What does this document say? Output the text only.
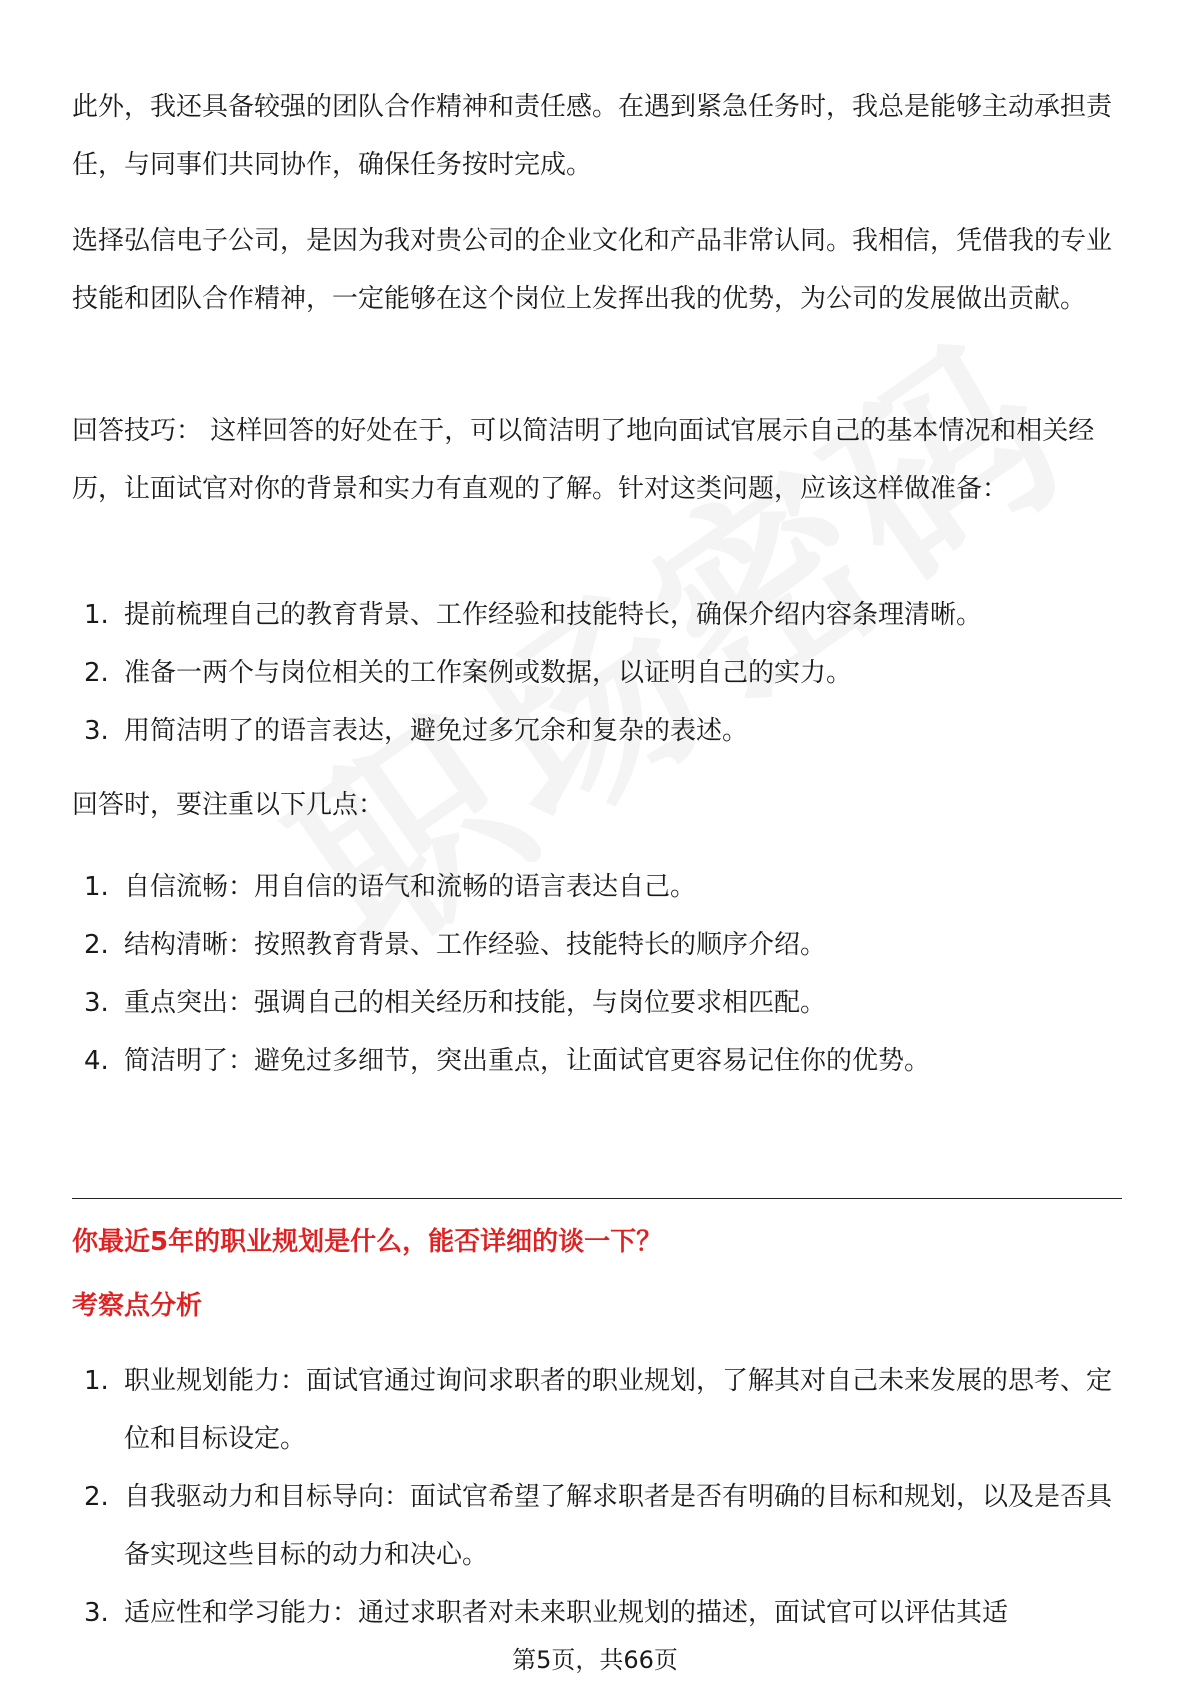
此外，我还具备较强的团队合作精神和责任感。在遇到紧急任务时，我总是能够主动承担责任，与同事们共同协作，确保任务按时完成。

选择弘信电子公司，是因为我对贵公司的企业文化和产品非常认同。我相信，凭借我的专业技能和团队合作精神，一定能够在这个岗位上发挥出我的优势，为公司的发展做出贡献。

回答技巧： 这样回答的好处在于，可以简洁明了地向面试官展示自己的基本情况和相关经历，让面试官对你的背景和实力有直观的了解。针对这类问题，应该这样做准备：

1. 提前梳理自己的教育背景、工作经验和技能特长，确保介绍内容条理清晰。
2. 准备一两个与岗位相关的工作案例或数据，以证明自己的实力。
3. 用简洁明了的语言表达，避免过多冗余和复杂的表述。

回答时，要注重以下几点：

1. 自信流畅：用自信的语气和流畅的语言表达自己。
2. 结构清晰：按照教育背景、工作经验、技能特长的顺序介绍。
3. 重点突出：强调自己的相关经历和技能，与岗位要求相匹配。
4. 简洁明了：避免过多细节，突出重点，让面试官更容易记住你的优势。
你最近5年的职业规划是什么，能否详细的谈一下？
考察点分析
1. 职业规划能力：面试官通过询问求职者的职业规划，了解其对自己未来发展的思考、定位和目标设定。
2. 自我驱动力和目标导向：面试官希望了解求职者是否有明确的目标和规划，以及是否具备实现这些目标的动力和决心。
3. 适应性和学习能力：通过求职者对未来职业规划的描述，面试官可以评估其适
第5页，共66页
